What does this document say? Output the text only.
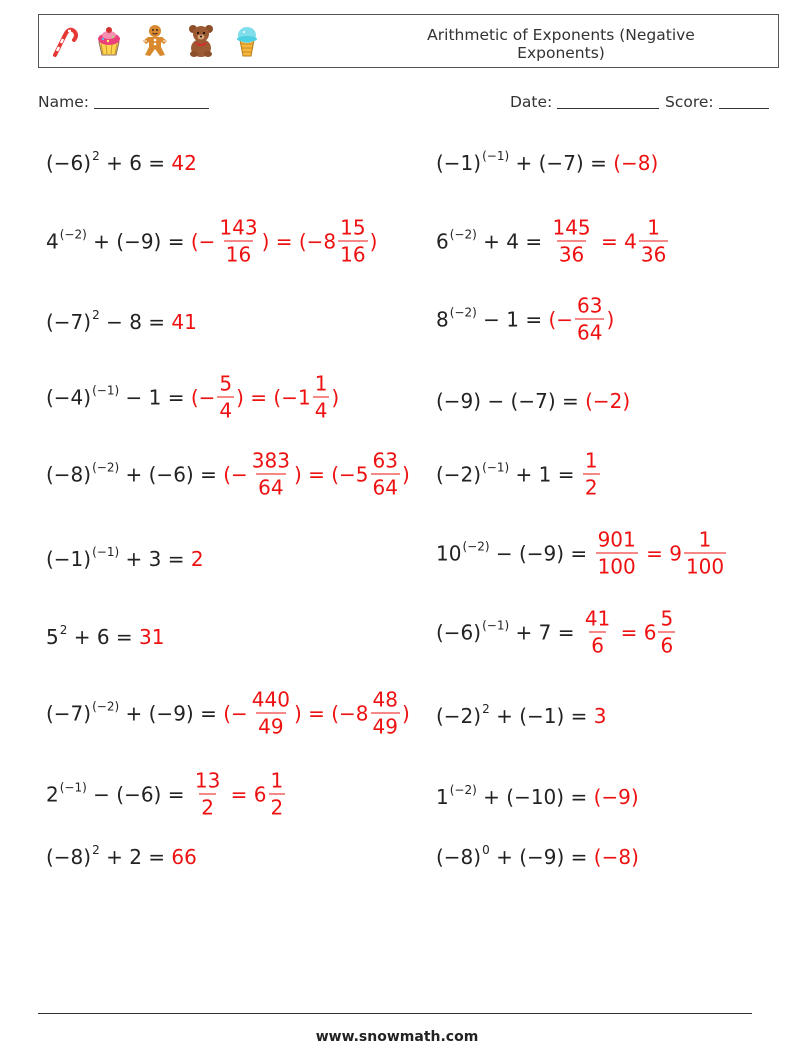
Arithmetic of Exponents (Negative Exponents)
Name:	Date:	Score:
$(-6)^2 + 6 = 42$
$4^{(-2)} + (-9)$ = (− $\frac{143}{16}$ ) = ($-8 \frac{15}{16}$ )
$(-7)^2 - 8 = 41$
$(-4)^{(-1)} - 1$ = (− $\frac{5}{4}$ ) = ($-1 \frac{1}{4}$ )
$(-8)^{(-2)} + (-6)$ = (− $\frac{383}{64}$ ) = ($-5 \frac{63}{64}$ )
$(-1)^{(-1)} + 3 = 2$
$5^2 + 6 = 31$
$(-7)^{(-2)} + (-9)$ = (− $\frac{440}{49}$ ) = ($-8 \frac{48}{49}$ )
$2^{(-1)} - (-6) = \frac{13}{2} = 6 \frac{1}{2}$
$(-8)^2 + 2 = 66$
$(-1)^{(-1)} + (-7) = (-8)$
$6^{(-2)} + 4 = \frac{145}{36} = 4 \frac{1}{36}$
$8^{(-2)} - 1$ = (− $\frac{63}{64}$ )
(−9) − (−7) = (−2)
$(-2)^{(-1)} + 1 = \frac{1}{2}$
$10^{(-2)} - (-9) = \frac{901}{100} = 9 \frac{1}{100}$
$(-6)^{(-1)} + 7 = \frac{41}{6} = 6 \frac{5}{6}$
$(-2)^2 + (-1) = 3$
$1^{(-2)} + (-10) = (-9)$
$(-8)^0 + (-9) = (-8)$
www.snowmath.com
